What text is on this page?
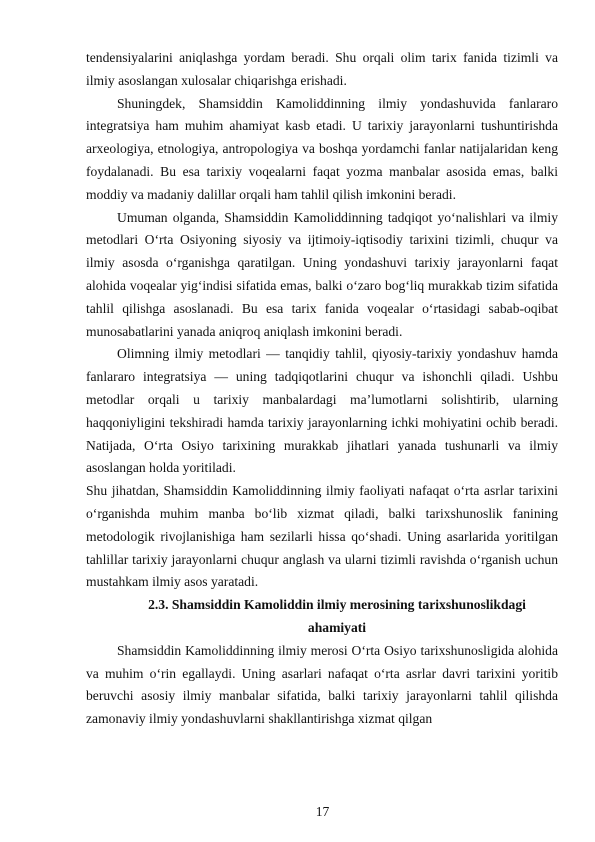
tendensiyalarini aniqlashga yordam beradi. Shu orqali olim tarix fanida tizimli va ilmiy asoslangan xulosalar chiqarishga erishadi.

Shuningdek, Shamsiddin Kamoliddinning ilmiy yondashuvida fanlararo integratsiya ham muhim ahamiyat kasb etadi. U tarixiy jarayonlarni tushuntirishda arxeologiya, etnologiya, antropologiya va boshqa yordamchi fanlar natijalaridan keng foydalanadi. Bu esa tarixiy voqealarni faqat yozma manbalar asosida emas, balki moddiy va madaniy dalillar orqali ham tahlil qilish imkonini beradi.

Umuman olganda, Shamsiddin Kamoliddinning tadqiqot yo‘nalishlari va ilmiy metodlari O‘rta Osiyoning siyosiy va ijtimoiy-iqtisodiy tarixini tizimli, chuqur va ilmiy asosda o‘rganishga qaratilgan. Uning yondashuvi tarixiy jarayonlarni faqat alohida voqealar yig‘indisi sifatida emas, balki o‘zaro bog‘liq murakkab tizim sifatida tahlil qilishga asoslanadi. Bu esa tarix fanida voqealar o‘rtasidagi sabab-oqibat munosabatlarini yanada aniqroq aniqlash imkonini beradi.

Olimning ilmiy metodlari — tanqidiy tahlil, qiyosiy-tarixiy yondashuv hamda fanlararo integratsiya — uning tadqiqotlarini chuqur va ishonchli qiladi. Ushbu metodlar orqali u tarixiy manbalardagi ma’lumotlarni solishtirib, ularning haqqoniyligini tekshiradi hamda tarixiy jarayonlarning ichki mohiyatini ochib beradi. Natijada, O‘rta Osiyo tarixining murakkab jihatlari yanada tushunarli va ilmiy asoslangan holda yoritiladi.

Shu jihatdan, Shamsiddin Kamoliddinning ilmiy faoliyati nafaqat o‘rta asrlar tarixini o‘rganishda muhim manba bo‘lib xizmat qiladi, balki tarixshunoslik fanining metodologik rivojlanishiga ham sezilarli hissa qo‘shadi. Uning asarlarida yoritilgan tahlillar tarixiy jarayonlarni chuqur anglash va ularni tizimli ravishda o‘rganish uchun mustahkam ilmiy asos yaratadi.

2.3. Shamsiddin Kamoliddin ilmiy merosining tarixshunoslikdagi
ahamiyati

Shamsiddin Kamoliddinning ilmiy merosi O‘rta Osiyo tarixshunosligida alohida va muhim o‘rin egallaydi. Uning asarlari nafaqat o‘rta asrlar davri tarixini yoritib beruvchi asosiy ilmiy manbalar sifatida, balki tarixiy jarayonlarni tahlil qilishda zamonaviy ilmiy yondashuvlarni shakllantirishga xizmat qilgan

17
